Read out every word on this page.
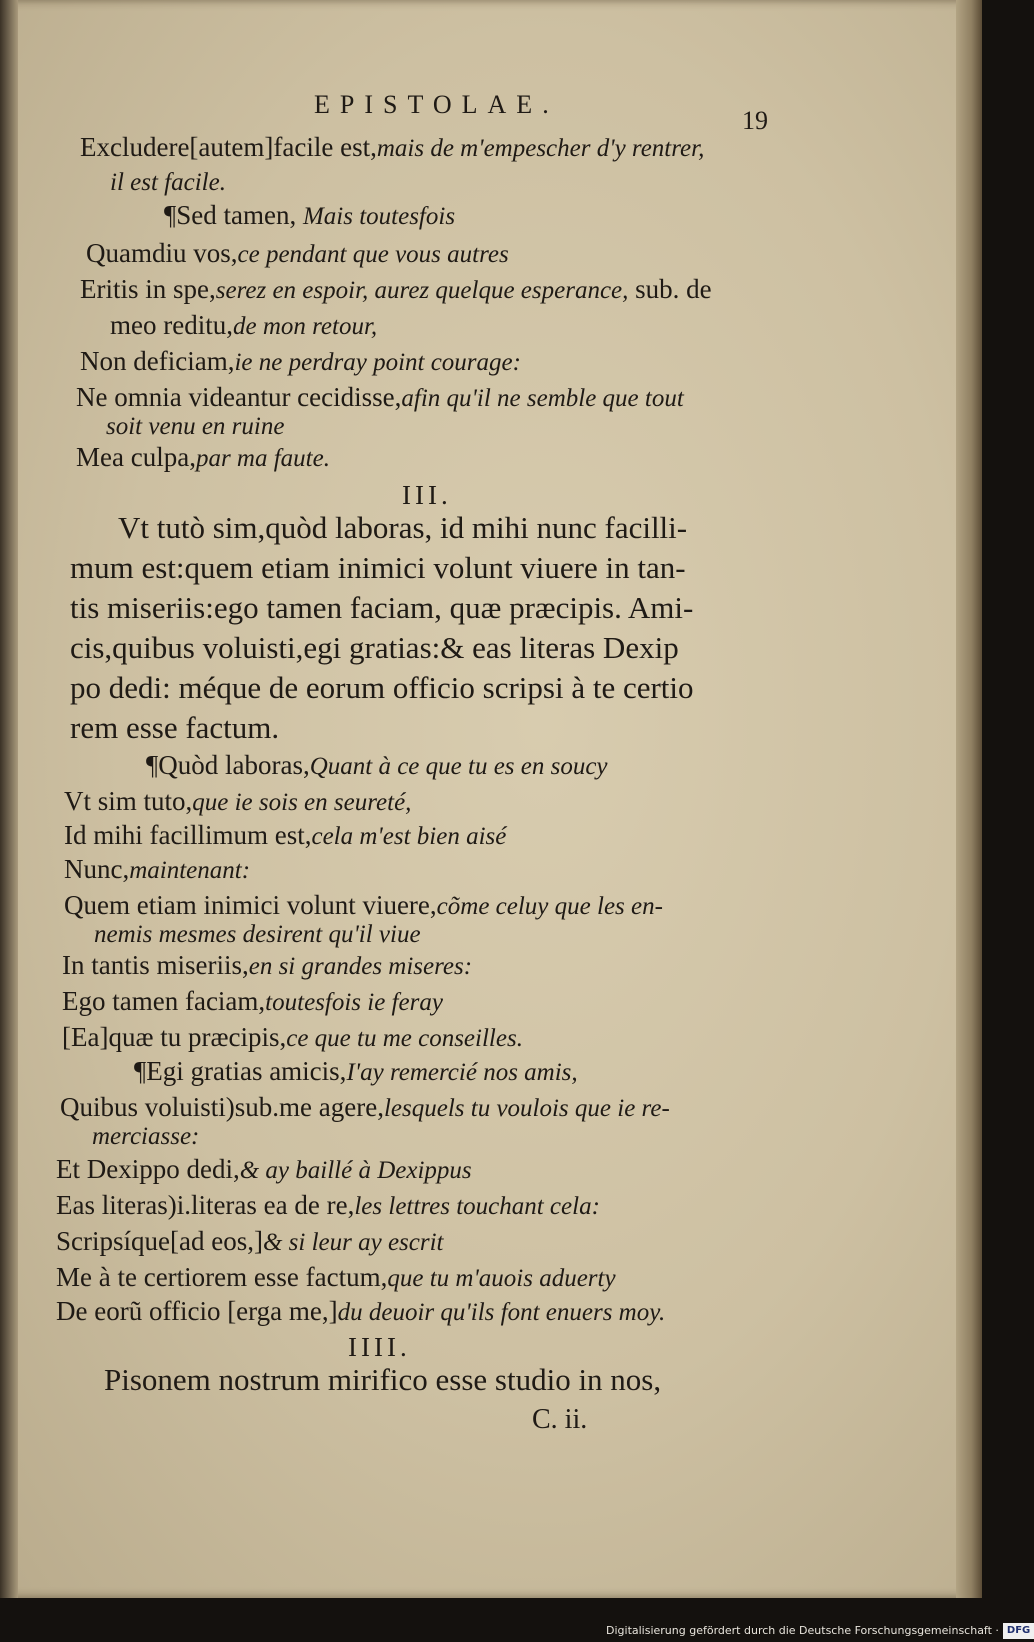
EPISTOLAE.
19
Excludere[autem]facile est,mais de m'empescher d'y rentrer,
il est facile.
¶Sed tamen, Mais toutesfois
Quamdiu vos,ce pendant que vous autres
Eritis in spe,serez en espoir, aurez quelque esperance, sub. de
meo reditu,de mon retour,
Non deficiam,ie ne perdray point courage:
Ne omnia videantur cecidisse,afin qu'il ne semble que tout
soit venu en ruine
Mea culpa,par ma faute.
III.
Vt tutò sim,quòd laboras, id mihi nunc facilli-
mum est:quem etiam inimici volunt viuere in tan-
tis miseriis:ego tamen faciam, quæ præcipis. Ami-
cis,quibus voluisti,egi gratias:& eas literas Dexip
po dedi: méque de eorum officio scripsi à te certio
rem esse factum.
¶Quòd laboras,Quant à ce que tu es en soucy
Vt sim tuto,que ie sois en seureté,
Id mihi facillimum est,cela m'est bien aisé
Nunc,maintenant:
Quem etiam inimici volunt viuere,cõme celuy que les en-
nemis mesmes desirent qu'il viue
In tantis miseriis,en si grandes miseres:
Ego tamen faciam,toutesfois ie feray
[Ea]quæ tu præcipis,ce que tu me conseilles.
¶Egi gratias amicis,I'ay remercié nos amis,
Quibus voluisti)sub.me agere,lesquels tu voulois que ie re-
merciasse:
Et Dexippo dedi,& ay baillé à Dexippus
Eas literas)i.literas ea de re,les lettres touchant cela:
Scripsíque[ad eos,]& si leur ay escrit
Me à te certiorem esse factum,que tu m'auois aduerty
De eorũ officio [erga me,]du deuoir qu'ils font enuers moy.
IIII.
Pisonem nostrum mirifico esse studio in nos,
C. ii.
Digitalisierung gefördert durch die Deutsche Forschungsgemeinschaft · DFG
